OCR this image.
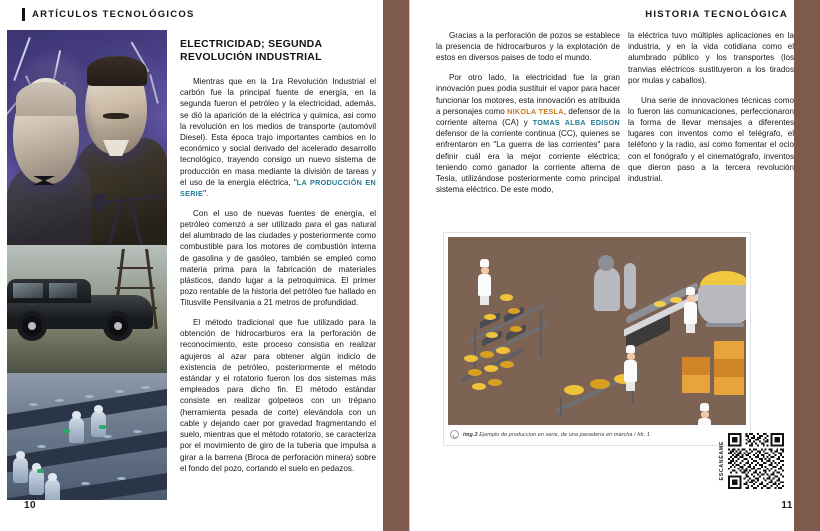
ARTÍCULOS TECNOLÓGICOS	HISTORIA TECNOLÓGICA
ELECTRICIDAD; SEGUNDA REVOLUCIÓN INDUSTRIAL

Mientras que en la 1ra Revolución Industrial el carbón fue la principal fuente de energía, en la segunda fueron el petróleo y la electricidad, además, se dió la aparición de la eléctrica y quimica, asi como la revolución en los medios de transporte (automóvil Diesel). Esta época trajo importantes cambios en lo económico y social derivado del acelerado desarrollo tecnológico, trayendo consigo un nuevo sistema de producción en masa mediante la división de tareas y el uso de la energía eléctrica, "LA PRODUCCIÓN EN SERIE".

Con el uso de nuevas fuentes de energía, el petróleo comenzó a ser utilizado para el gas natural del alumbrado de las ciudades y posteriormente como combustible para los motores de combustión interna de gasolina y de gasóleo, también se empleó como materia prima para la fabricación de materiales plásticos, dando lugar a la petroquimica. El primer pozo rentable de la historia del petróleo fue hallado en Titusville Pensilvania a 21 metros de profundidad.

El método tradicional que fue utilizado para la obtención de hidrocarburos era la perforación de reconocimiento, este proceso consistia en realizar agujeros al azar para obtener algún indicio de existencia de petróleo, posteriormente el método estándar y el rotatorio fueron los dos sistemas más empleados para dicho fin. El método estándar consiste en realizar golpeteos con un trépano (herramienta pesada de corte) elevándola con un cable y dejando caer por gravedad fragmentando el suelo, mientras que el método rotatorio, se caracteriza por el movimiento de giro de la tuberia que impulsa a girar a la barrena (Broca de perforación minera) sobre el fondo del pozo, cortando el suelo en pedazos.

Gracias a la perforación de pozos se establece la presencia de hidrocarburos y la explotación de estos en diversos paises de todo el mundo.

Por otro lado, la electricidad fue la gran innovación pues podia sustituir el vapor para hacer funcionar los motores, esta innovación es atribuida a personajes como NIKOLA TESLA, defensor de la corriente alterna (CA) y TOMAS ALBA EDISON defensor de la corriente continua (CC), quienes se enfrentaron en "La guerra de las corrientes" para definir cuál era la mejor corriente eléctrica; teniendo como ganador la corriente alterna de Tesla, utilizándose posteriormente como principal sistema eléctrico. De este modo,

la eléctrica tuvo múltiples aplicaciones en la industria, y en la vida cotidiana como el alumbrado público y los transportes (los tranvias eléctricos sustituyeron a los tirados por mulas y caballos).

Una serie de innovaciones técnicas como lo fueron las comunicaciones, perfeccionaron la forma de llevar mensajes a diferentes lugares con inventos como el telégrafo, el teléfono y la radio, asi como fomentar el ocio con el fonógrafo y el cinematógrafo, inventos que dieron paso a la tercera revolución industrial.

img.3 Ejemplo de produccion en serie, de una panaderia en marcha / fdr. 1
ESCANÉAME
10	11
